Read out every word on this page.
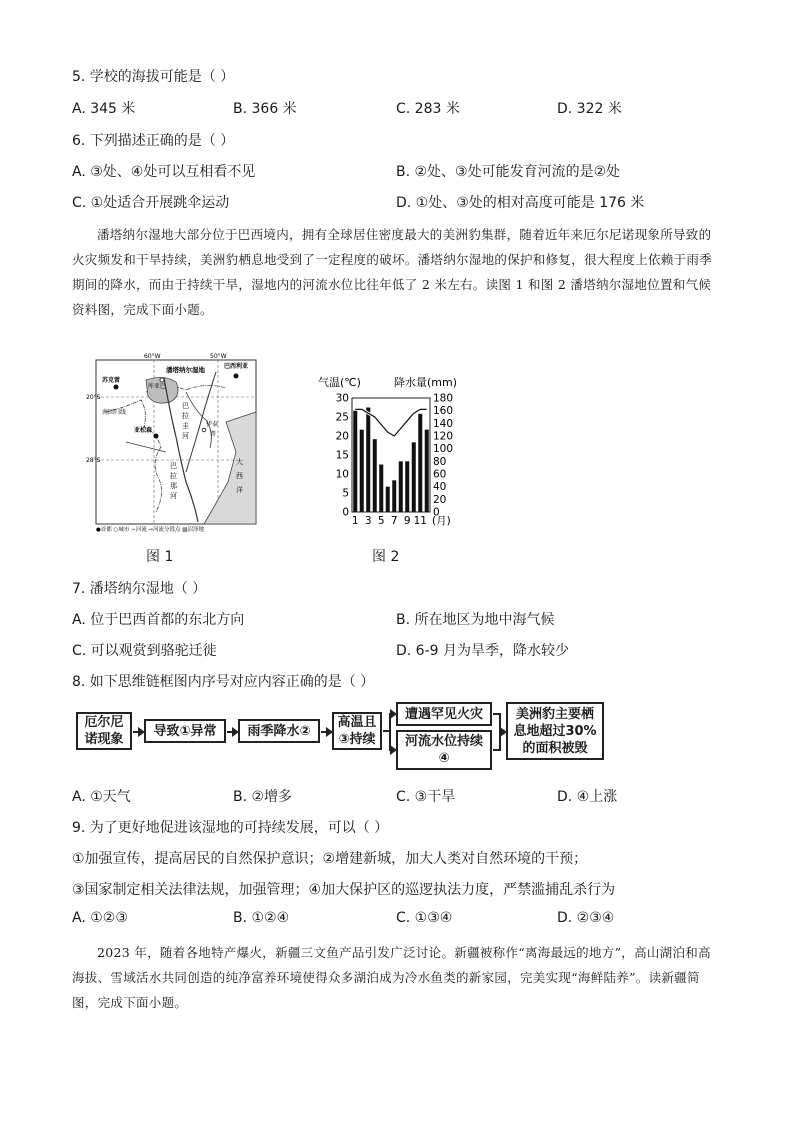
5. 学校的海拔可能是（ ）
A. 345 米	B. 366 米	C. 283 米	D. 322 米
6. 下列描述正确的是（ ）
A. ③处、④处可以互相看不见	B. ②处、③处可能发育河流的是②处
C. ①处适合开展跳伞运动	D. ①处、③处的相对高度可能是 176 米

潘塔纳尔湿地大部分位于巴西境内，拥有全球居住密度最大的美洲豹集群，随着近年来厄尔尼诺现象所导致的火灾频发和干旱持续，美洲豹栖息地受到了一定程度的破坏。潘塔纳尔湿地的保护和修复，很大程度上依赖于雨季期间的降水，而由于持续干旱，湿地内的河流水位比往年低了 2 米左右。读图 1 和图 2 潘塔纳尔湿地位置和气候资料图，完成下面小题。

60°W	50°W
20°S
28°S
潘塔纳尔湿地
库亚巴
巴西利亚
苏克雷
南回归线
亚松森
伊泰
普
巴
拉
圭
河
巴
拉
那
河
大
西
洋
●首都 ○城市 ∼河流 ⊸河流分段点 ▨沼泽地
图 1
气温(℃)	降水量(mm)
0
5
10
15
20
25
30
0
20
40
60
80
100
120
140
160
180
1 3 5 7 9 11 (月)
图 2
7. 潘塔纳尔湿地（ ）
A. 位于巴西首都的东北方向	B. 所在地区为地中海气候
C. 可以观赏到骆驼迁徙	D. 6-9 月为旱季，降水较少
8. 如下思维链框图内序号对应内容正确的是（ ）
厄尔尼
诺现象
导致①异常	雨季降水②
高温且
③持续
遭遇罕见火灾
河流水位持续
④
美洲豹主要栖
息地超过30%
的面积被毁
A. ①天气	B. ②增多	C. ③干旱	D. ④上涨
9. 为了更好地促进该湿地的可持续发展，可以（ ）
①加强宣传，提高居民的自然保护意识；②增建新城，加大人类对自然环境的干预；
③国家制定相关法律法规，加强管理；④加大保护区的巡逻执法力度，严禁滥捕乱杀行为
A. ①②③	B. ①②④	C. ①③④	D. ②③④

2023 年，随着各地特产爆火，新疆三文鱼产品引发广泛讨论。新疆被称作“离海最远的地方”，高山湖泊和高海拔、雪域活水共同创造的纯净富养环境使得众多湖泊成为冷水鱼类的新家园，完美实现“海鲜陆养”。读新疆简图，完成下面小题。
